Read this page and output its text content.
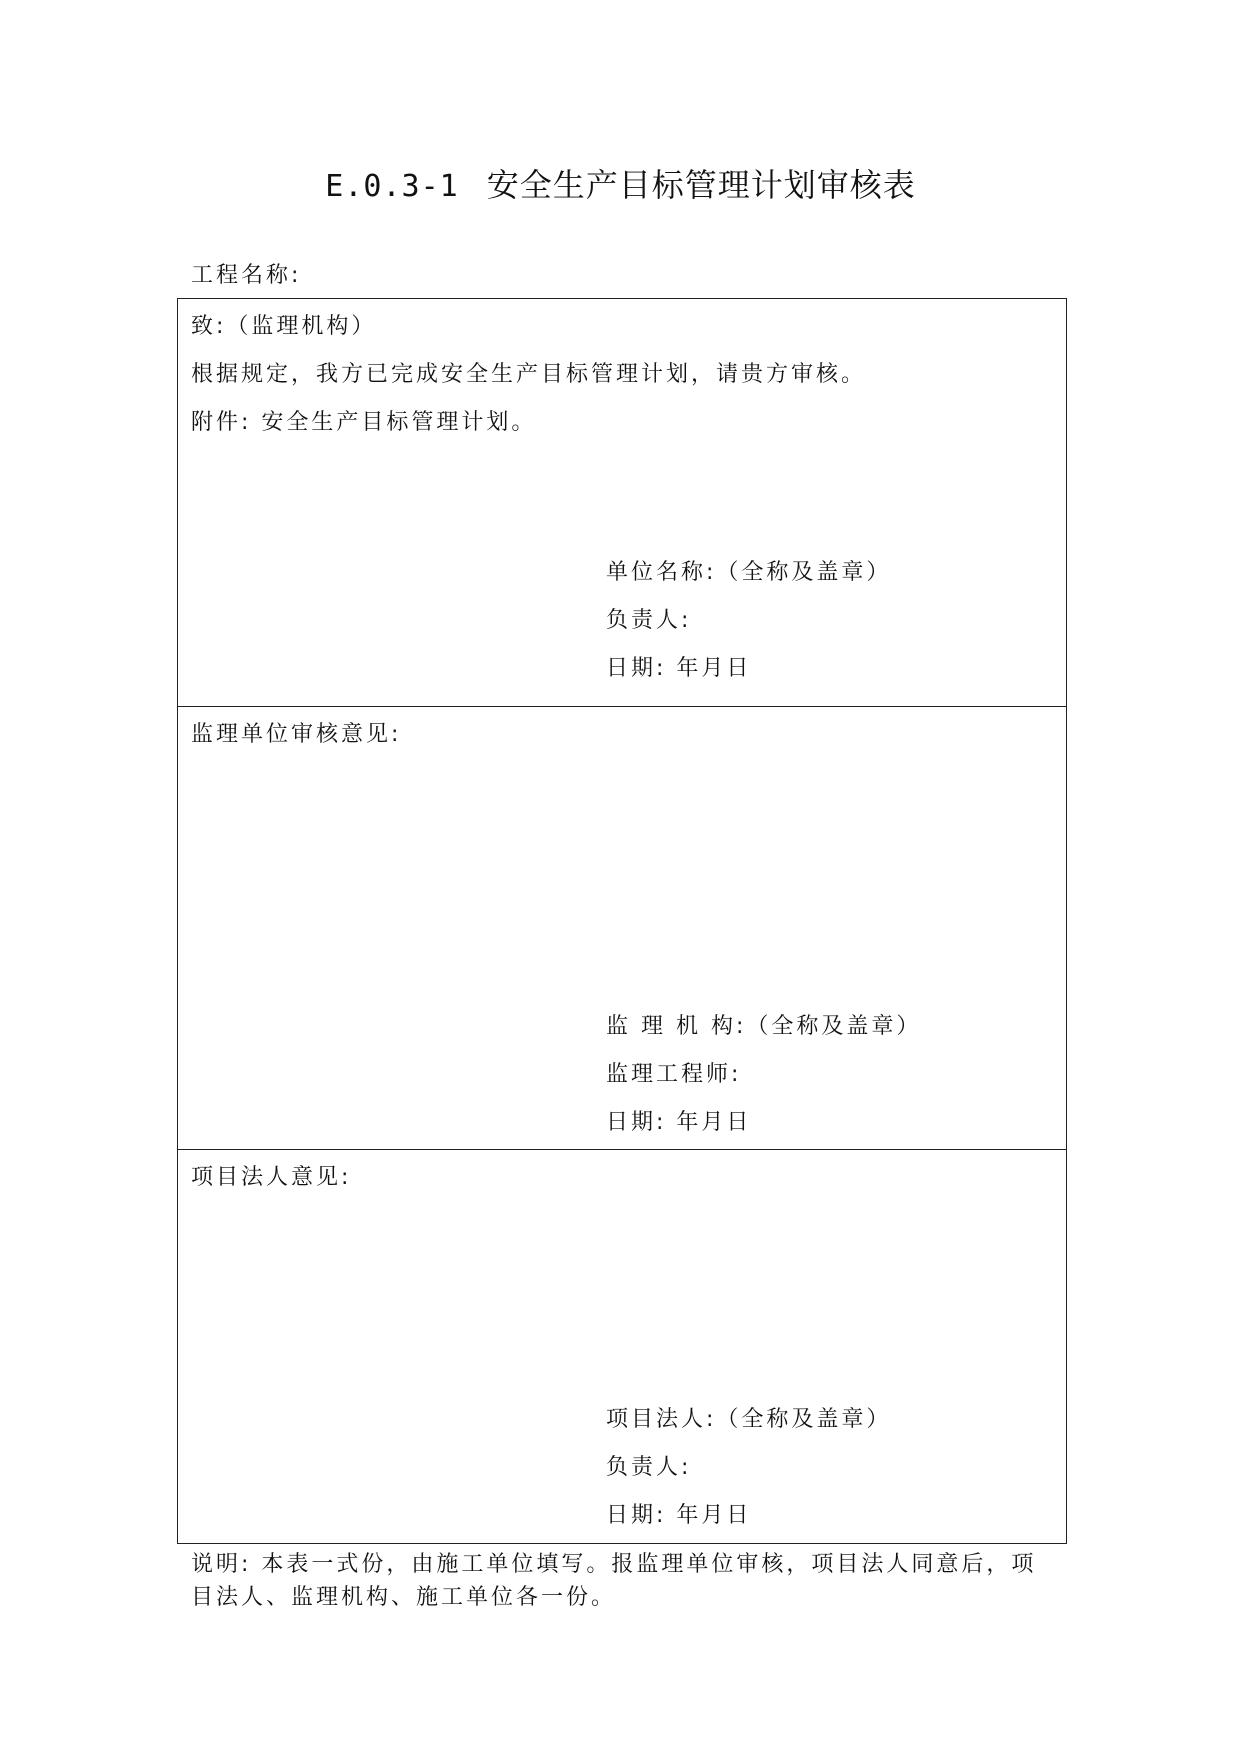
E.0.3-1 安全生产目标管理计划审核表
工程名称:
致:（监理机构）
根据规定，我方已完成安全生产目标管理计划，请贵方审核。
附件: 安全生产目标管理计划。
单位名称:（全称及盖章）
负责人:
日期: 年月日
监理单位审核意见:
监 理 机 构:（全称及盖章）
监理工程师:
日期: 年月日
项目法人意见:
项目法人:（全称及盖章）
负责人:
日期: 年月日
说明: 本表一式份，由施工单位填写。报监理单位审核，项目法人同意后，项目法人、监理机构、施工单位各一份。
